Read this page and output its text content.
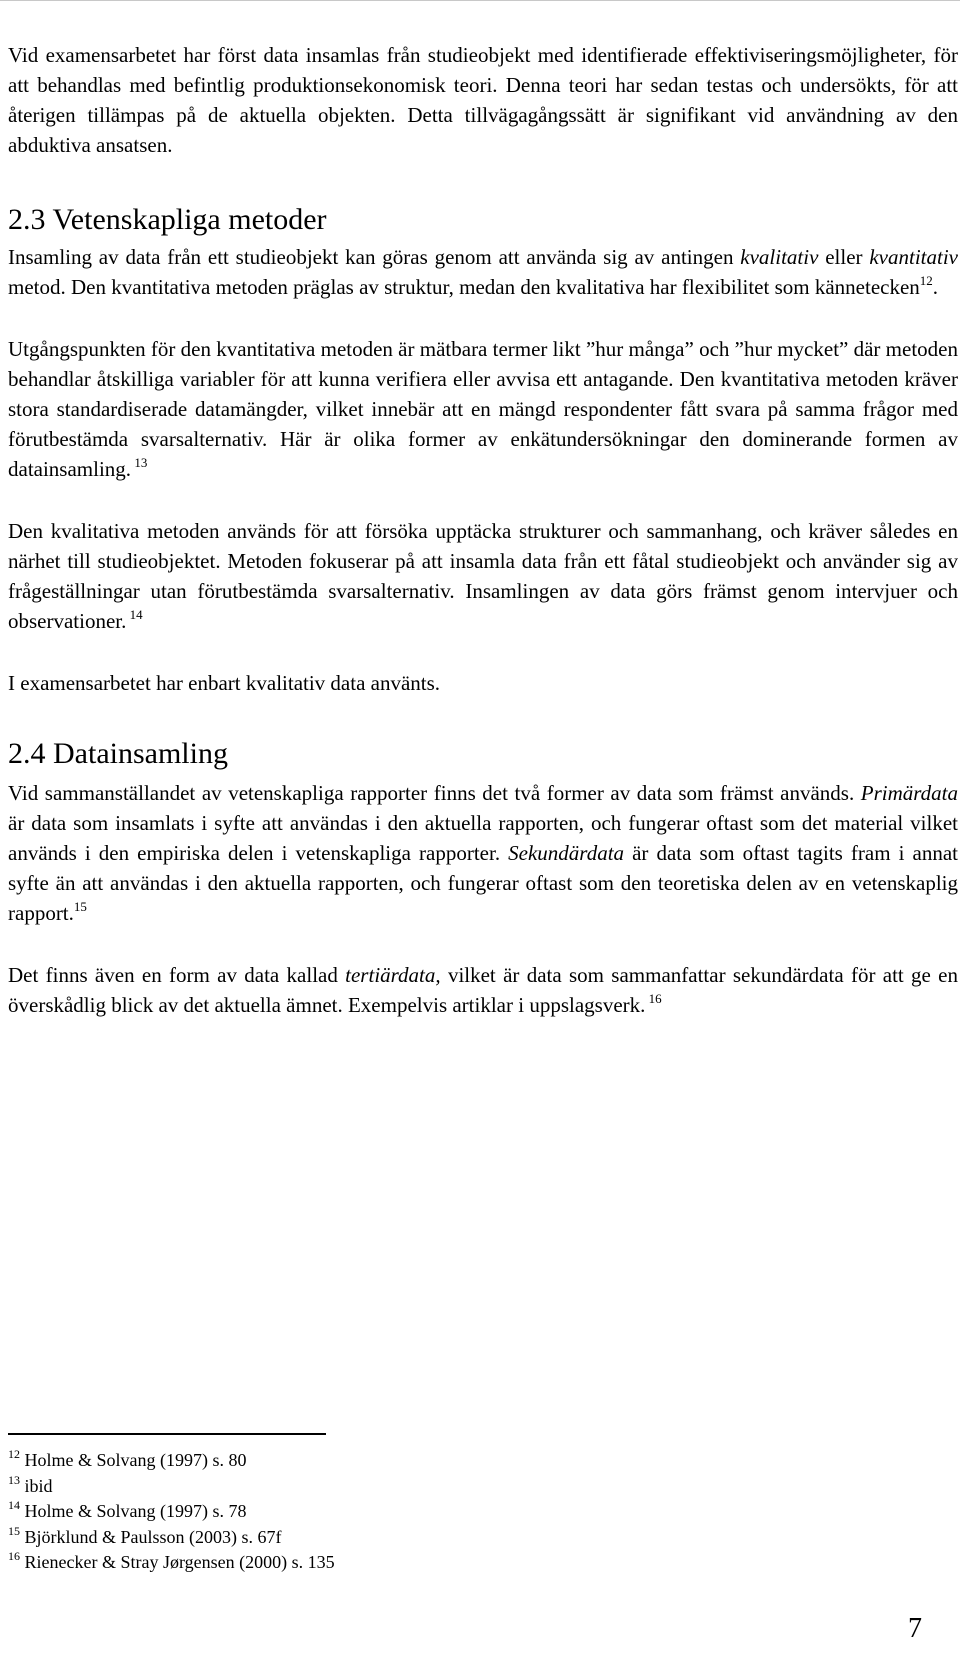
Vid examensarbetet har först data insamlas från studieobjekt med identifierade effektiviseringsmöjligheter, för att behandlas med befintlig produktionsekonomisk teori. Denna teori har sedan testas och undersökts, för att återigen tillämpas på de aktuella objekten. Detta tillvägagångssätt är signifikant vid användning av den abduktiva ansatsen.

2.3 Vetenskapliga metoder

Insamling av data från ett studieobjekt kan göras genom att använda sig av antingen kvalitativ eller kvantitativ metod. Den kvantitativa metoden präglas av struktur, medan den kvalitativa har flexibilitet som kännetecken$^{12}$.

Utgångspunkten för den kvantitativa metoden är mätbara termer likt ”hur många” och ”hur mycket” där metoden behandlar åtskilliga variabler för att kunna verifiera eller avvisa ett antagande. Den kvantitativa metoden kräver stora standardiserade datamängder, vilket innebär att en mängd respondenter fått svara på samma frågor med förutbestämda svarsalternativ. Här är olika former av enkätundersökningar den dominerande formen av datainsamling. $^{13}$

Den kvalitativa metoden används för att försöka upptäcka strukturer och sammanhang, och kräver således en närhet till studieobjektet. Metoden fokuserar på att insamla data från ett fåtal studieobjekt och använder sig av frågeställningar utan förutbestämda svarsalternativ. Insamlingen av data görs främst genom intervjuer och observationer. $^{14}$

I examensarbetet har enbart kvalitativ data använts.

2.4 Datainsamling

Vid sammanställandet av vetenskapliga rapporter finns det två former av data som främst används. Primärdata är data som insamlats i syfte att användas i den aktuella rapporten, och fungerar oftast som det material vilket används i den empiriska delen i vetenskapliga rapporter. Sekundärdata är data som oftast tagits fram i annat syfte än att användas i den aktuella rapporten, och fungerar oftast som den teoretiska delen av en vetenskaplig rapport.$^{15}$

Det finns även en form av data kallad tertiärdata, vilket är data som sammanfattar sekundärdata för att ge en överskådlig blick av det aktuella ämnet. Exempelvis artiklar i uppslagsverk. $^{16}$

$^{12}$ Holme & Solvang (1997) s. 80
$^{13}$ ibid
$^{14}$ Holme & Solvang (1997) s. 78
$^{15}$ Björklund & Paulsson (2003) s. 67f
$^{16}$ Rienecker & Stray Jørgensen (2000) s. 135
7
